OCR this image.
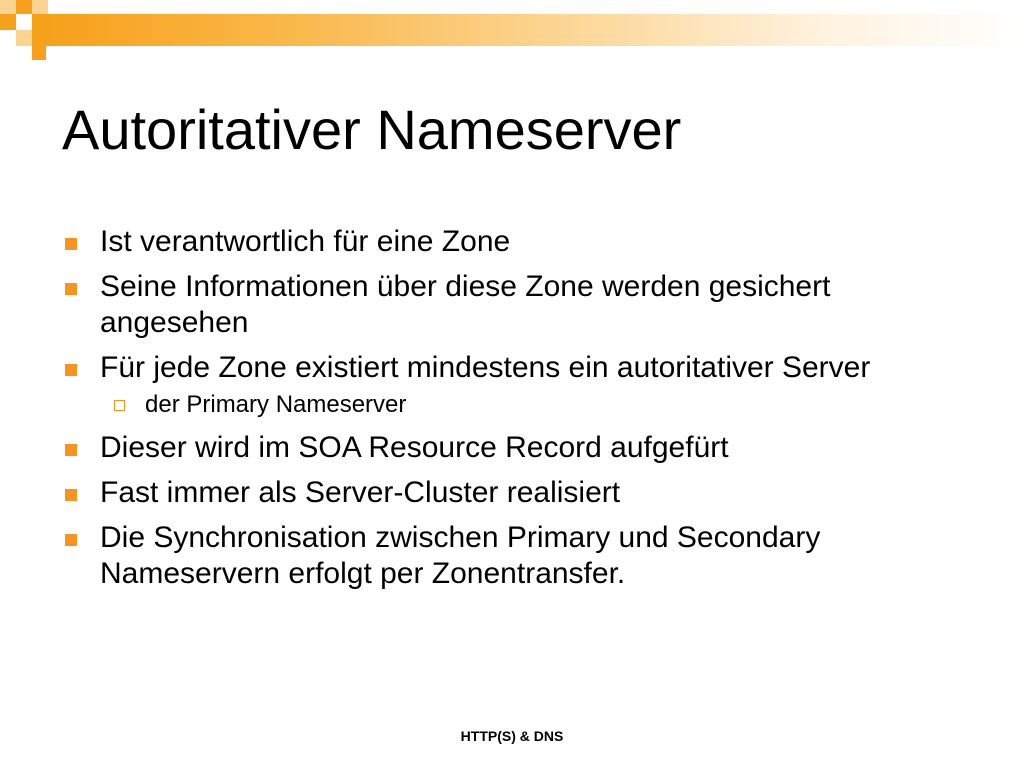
Autoritativer Nameserver
Ist verantwortlich für eine Zone
Seine Informationen über diese Zone werden gesichert angesehen
Für jede Zone existiert mindestens ein autoritativer Server
der Primary Nameserver
Dieser wird im SOA Resource Record aufgefürt
Fast immer als Server-Cluster realisiert
Die Synchronisation zwischen Primary und Secondary Nameservern erfolgt per Zonentransfer.
HTTP(S) & DNS
